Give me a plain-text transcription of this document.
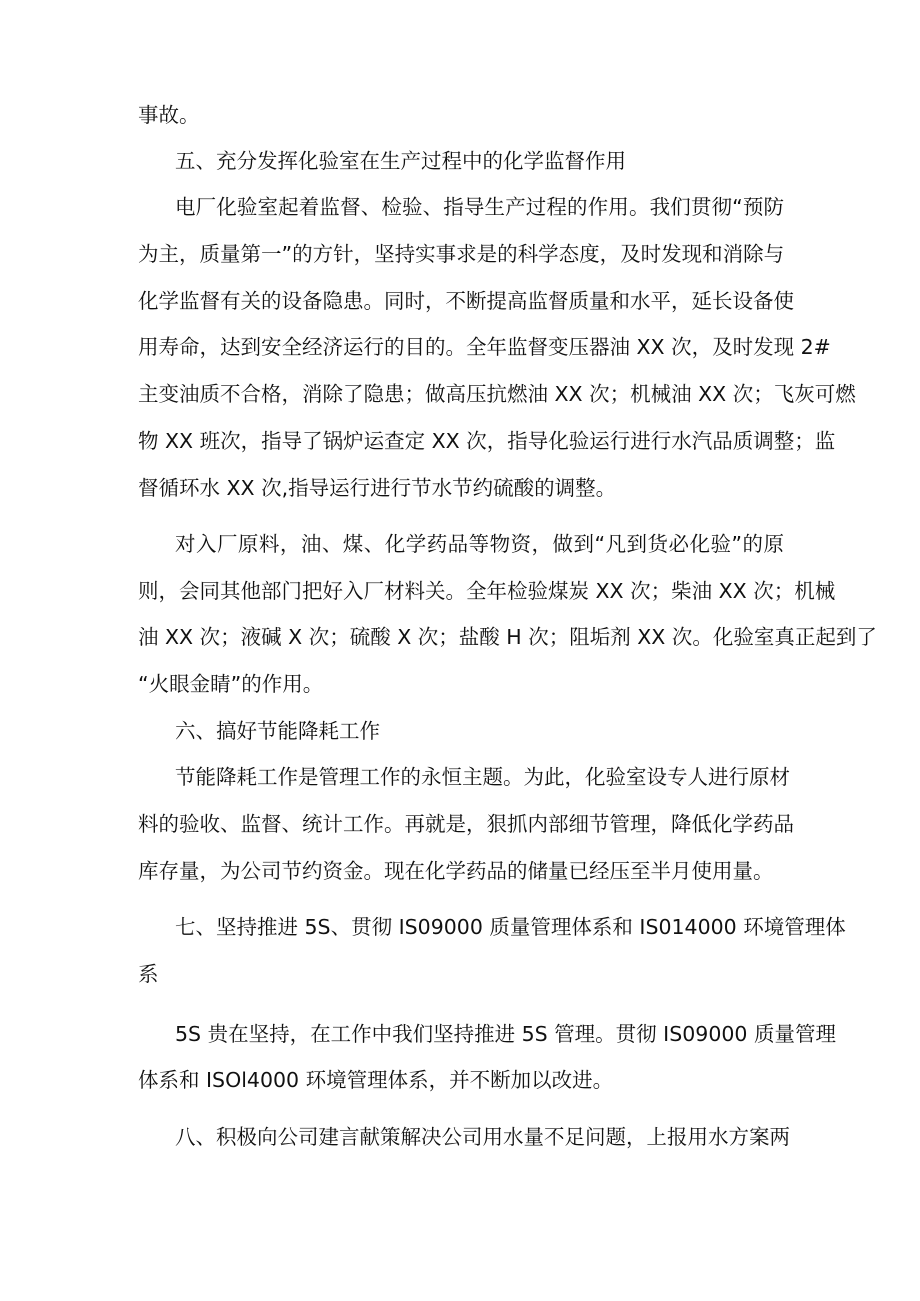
事故。
五、充分发挥化验室在生产过程中的化学监督作用
电厂化验室起着监督、检验、指导生产过程的作用。我们贯彻“预防
为主，质量第一”的方针，坚持实事求是的科学态度，及时发现和消除与
化学监督有关的设备隐患。同时，不断提高监督质量和水平，延长设备使
用寿命，达到安全经济运行的目的。全年监督变压器油 XX 次，及时发现 2#
主变油质不合格，消除了隐患；做高压抗燃油 XX 次；机械油 XX 次；飞灰可燃
物 XX 班次，指导了锅炉运查定 XX 次，指导化验运行进行水汽品质调整；监
督循环水 XX 次,指导运行进行节水节约硫酸的调整。
对入厂原料，油、煤、化学药品等物资，做到“凡到货必化验”的原
则，会同其他部门把好入厂材料关。全年检验煤炭 XX 次；柴油 XX 次；机械
油 XX 次；液碱 X 次；硫酸 X 次；盐酸 H 次；阻垢剂 XX 次。化验室真正起到了
“火眼金睛”的作用。
六、搞好节能降耗工作
节能降耗工作是管理工作的永恒主题。为此，化验室设专人进行原材
料的验收、监督、统计工作。再就是，狠抓内部细节管理，降低化学药品
库存量，为公司节约资金。现在化学药品的储量已经压至半月使用量。
七、坚持推进 5S、贯彻 IS09000 质量管理体系和 IS014000 环境管理体
系
5S 贵在坚持，在工作中我们坚持推进 5S 管理。贯彻 IS09000 质量管理
体系和 ISOl4000 环境管理体系，并不断加以改进。
八、积极向公司建言献策解决公司用水量不足问题，上报用水方案两
